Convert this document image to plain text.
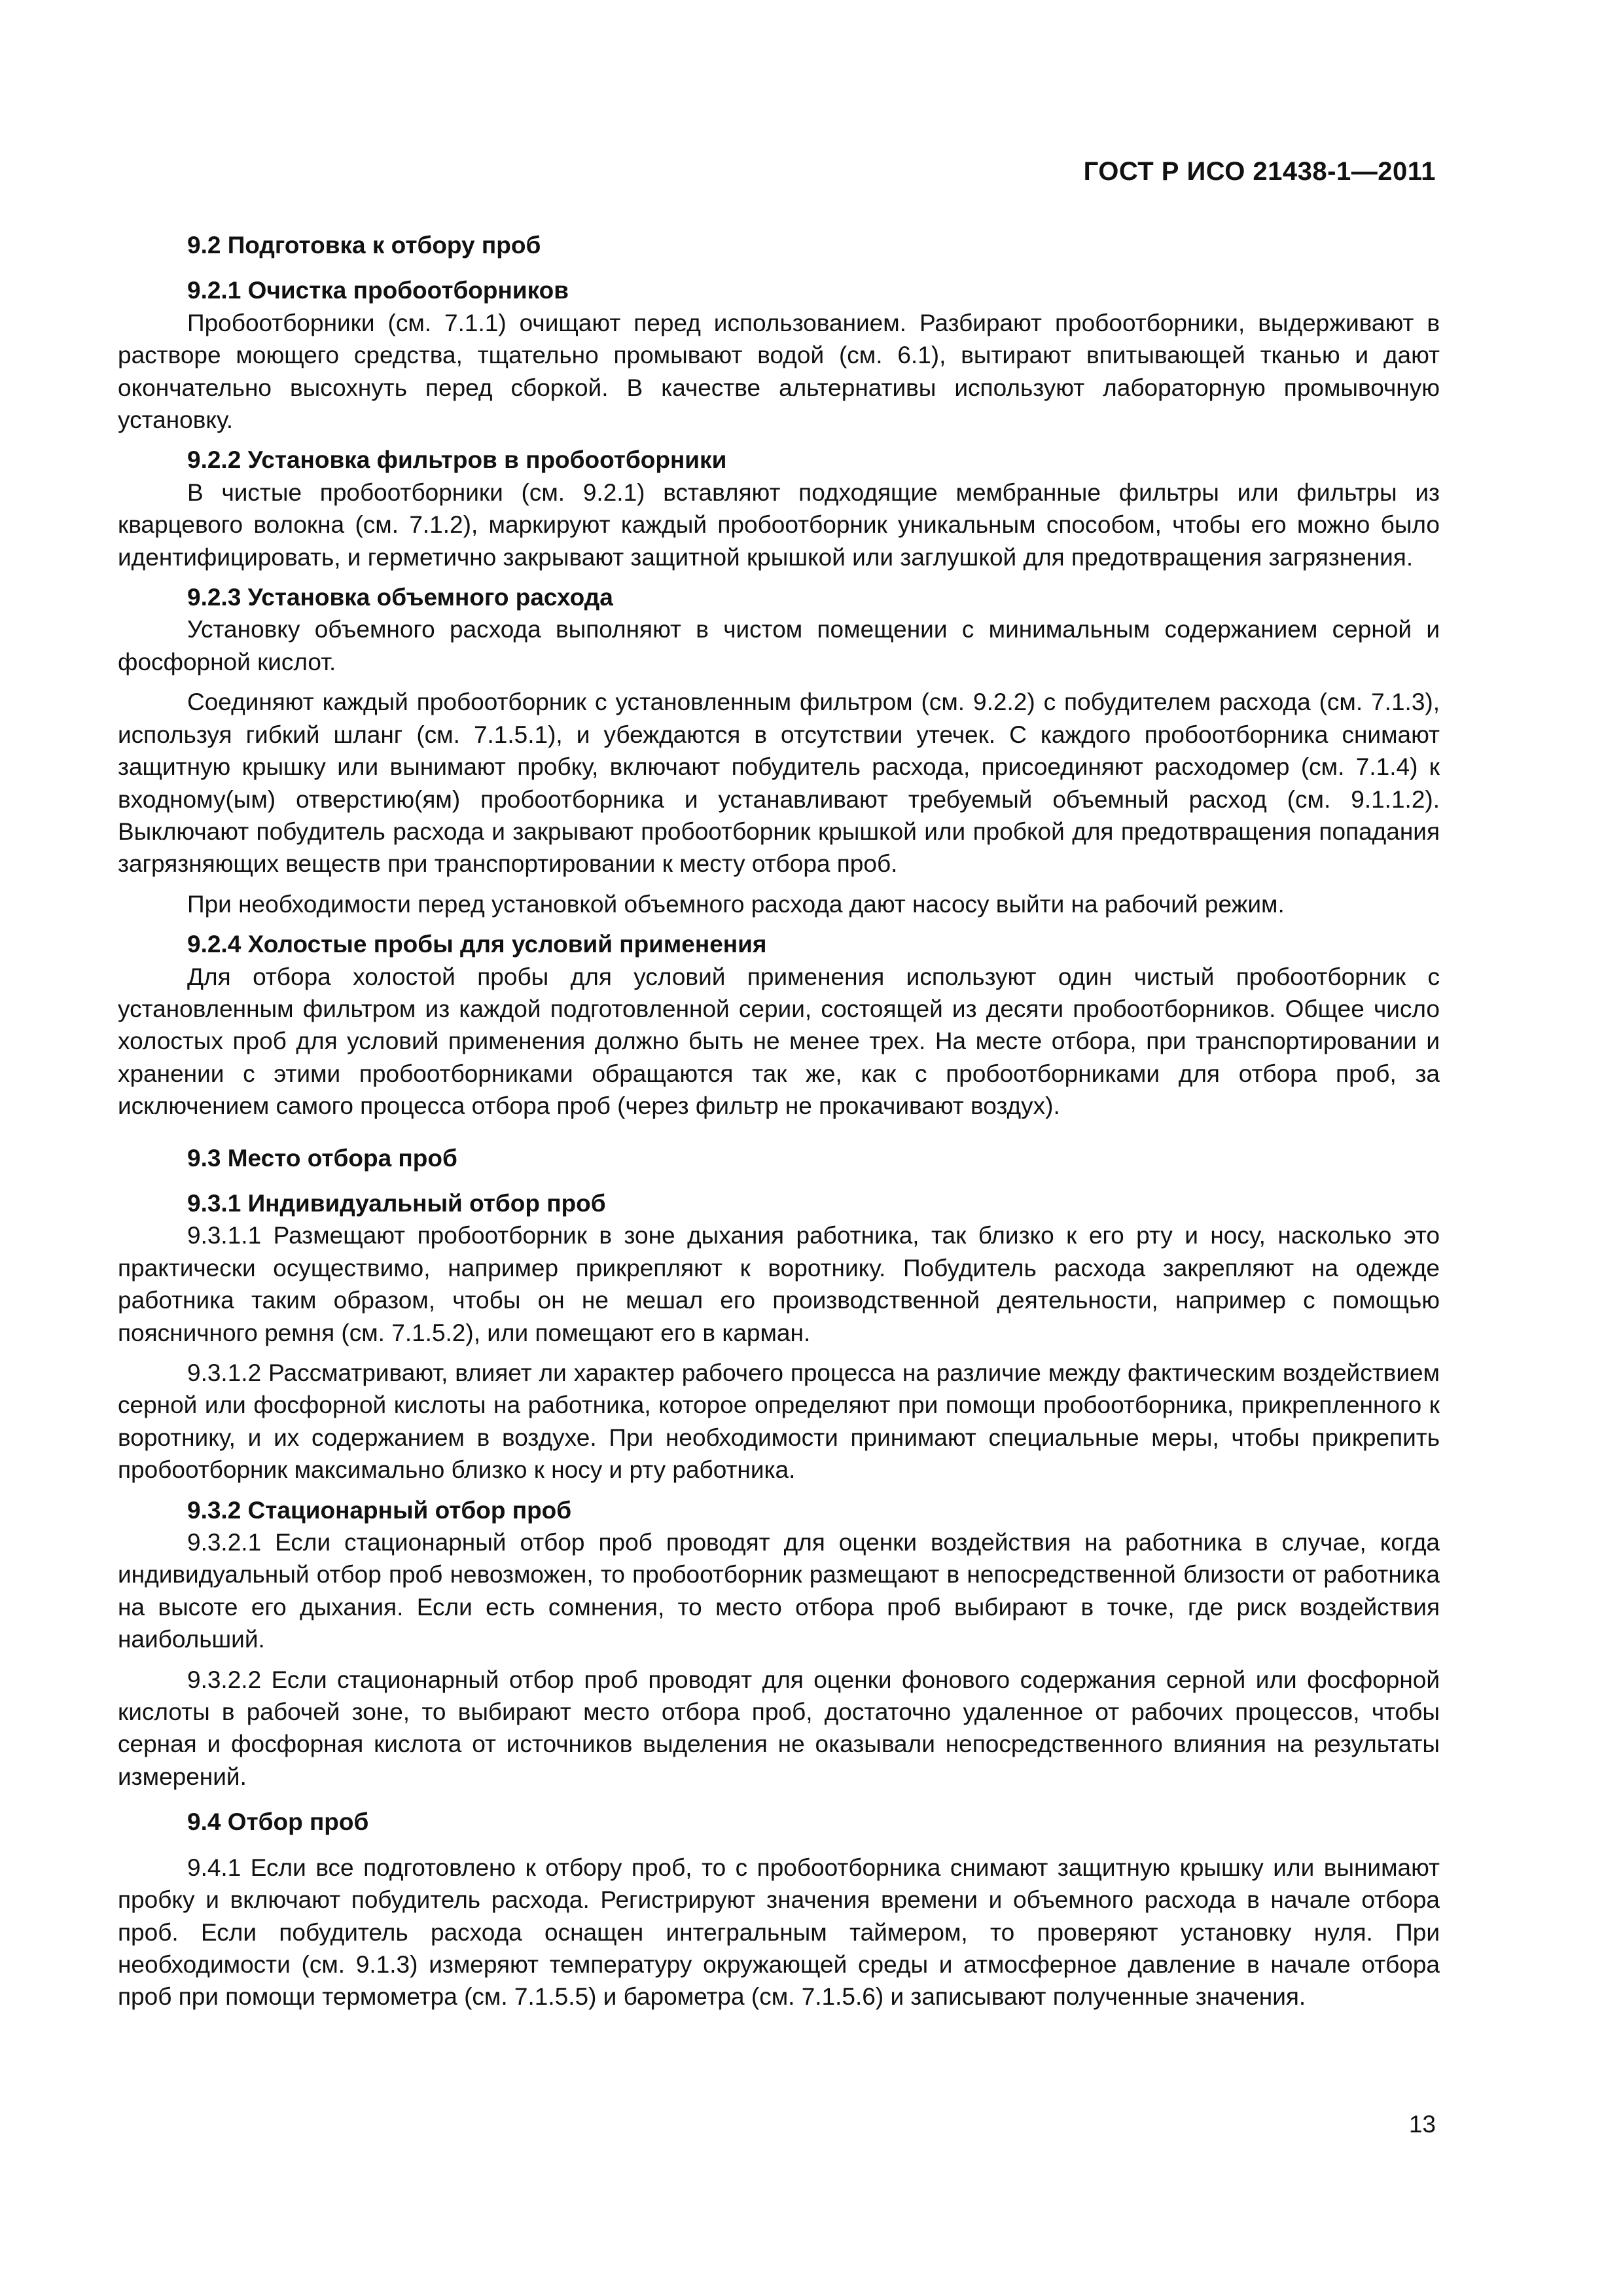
ГОСТ Р ИСО 21438-1—2011
9.2 Подготовка к отбору проб
9.2.1 Очистка пробоотборников

Пробоотборники (см. 7.1.1) очищают перед использованием. Разбирают пробоотборники, выдерживают в растворе моющего средства, тщательно промывают водой (см. 6.1), вытирают впитывающей тканью и дают окончательно высохнуть перед сборкой. В качестве альтернативы используют лабораторную промывочную установку.

9.2.2 Установка фильтров в пробоотборники

В чистые пробоотборники (см. 9.2.1) вставляют подходящие мембранные фильтры или фильтры из кварцевого волокна (см. 7.1.2), маркируют каждый пробоотборник уникальным способом, чтобы его можно было идентифицировать, и герметично закрывают защитной крышкой или заглушкой для предотвращения загрязнения.

9.2.3 Установка объемного расхода

Установку объемного расхода выполняют в чистом помещении с минимальным содержанием серной и фосфорной кислот.

Соединяют каждый пробоотборник с установленным фильтром (см. 9.2.2) с побудителем расхода (см. 7.1.3), используя гибкий шланг (см. 7.1.5.1), и убеждаются в отсутствии утечек. С каждого пробоотборника снимают защитную крышку или вынимают пробку, включают побудитель расхода, присоединяют расходомер (см. 7.1.4) к входному(ым) отверстию(ям) пробоотборника и устанавливают требуемый объемный расход (см. 9.1.1.2). Выключают побудитель расхода и закрывают пробоотборник крышкой или пробкой для предотвращения попадания загрязняющих веществ при транспортировании к месту отбора проб.

При необходимости перед установкой объемного расхода дают насосу выйти на рабочий режим.

9.2.4 Холостые пробы для условий применения

Для отбора холостой пробы для условий применения используют один чистый пробоотборник с установленным фильтром из каждой подготовленной серии, состоящей из десяти пробоотборников. Общее число холостых проб для условий применения должно быть не менее трех. На месте отбора, при транспортировании и хранении с этими пробоотборниками обращаются так же, как с пробоотборниками для отбора проб, за исключением самого процесса отбора проб (через фильтр не прокачивают воздух).

9.3 Место отбора проб
9.3.1 Индивидуальный отбор проб

9.3.1.1 Размещают пробоотборник в зоне дыхания работника, так близко к его рту и носу, насколько это практически осуществимо, например прикрепляют к воротнику. Побудитель расхода закрепляют на одежде работника таким образом, чтобы он не мешал его производственной деятельности, например с помощью поясничного ремня (см. 7.1.5.2), или помещают его в карман.

9.3.1.2 Рассматривают, влияет ли характер рабочего процесса на различие между фактическим воздействием серной или фосфорной кислоты на работника, которое определяют при помощи пробоотборника, прикрепленного к воротнику, и их содержанием в воздухе. При необходимости принимают специальные меры, чтобы прикрепить пробоотборник максимально близко к носу и рту работника.

9.3.2 Стационарный отбор проб

9.3.2.1 Если стационарный отбор проб проводят для оценки воздействия на работника в случае, когда индивидуальный отбор проб невозможен, то пробоотборник размещают в непосредственной близости от работника на высоте его дыхания. Если есть сомнения, то место отбора проб выбирают в точке, где риск воздействия наибольший.

9.3.2.2 Если стационарный отбор проб проводят для оценки фонового содержания серной или фосфорной кислоты в рабочей зоне, то выбирают место отбора проб, достаточно удаленное от рабочих процессов, чтобы серная и фосфорная кислота от источников выделения не оказывали непосредственного влияния на результаты измерений.

9.4 Отбор проб

9.4.1 Если все подготовлено к отбору проб, то с пробоотборника снимают защитную крышку или вынимают пробку и включают побудитель расхода. Регистрируют значения времени и объемного расхода в начале отбора проб. Если побудитель расхода оснащен интегральным таймером, то проверяют установку нуля. При необходимости (см. 9.1.3) измеряют температуру окружающей среды и атмосферное давление в начале отбора проб при помощи термометра (см. 7.1.5.5) и барометра (см. 7.1.5.6) и записывают полученные значения.

13
